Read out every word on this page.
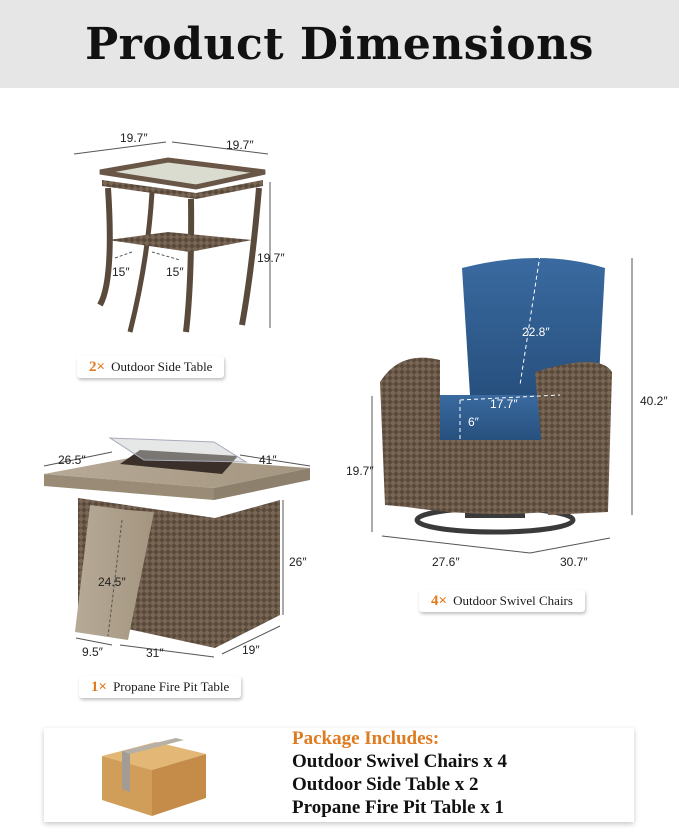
Product Dimensions
19.7″	19.7″
19.7″
15″	15″
22.8″
17.7″
6″
19.7″
40.2″
27.6″	30.7″
26.5″	41″
26″
24.5″
9.5″	31″	19″
2× Outdoor Side Table
4× Outdoor Swivel Chairs
1× Propane Fire Pit Table
Package Includes:
Outdoor Swivel Chairs x 4
Outdoor Side Table x 2
Propane Fire Pit Table x 1
